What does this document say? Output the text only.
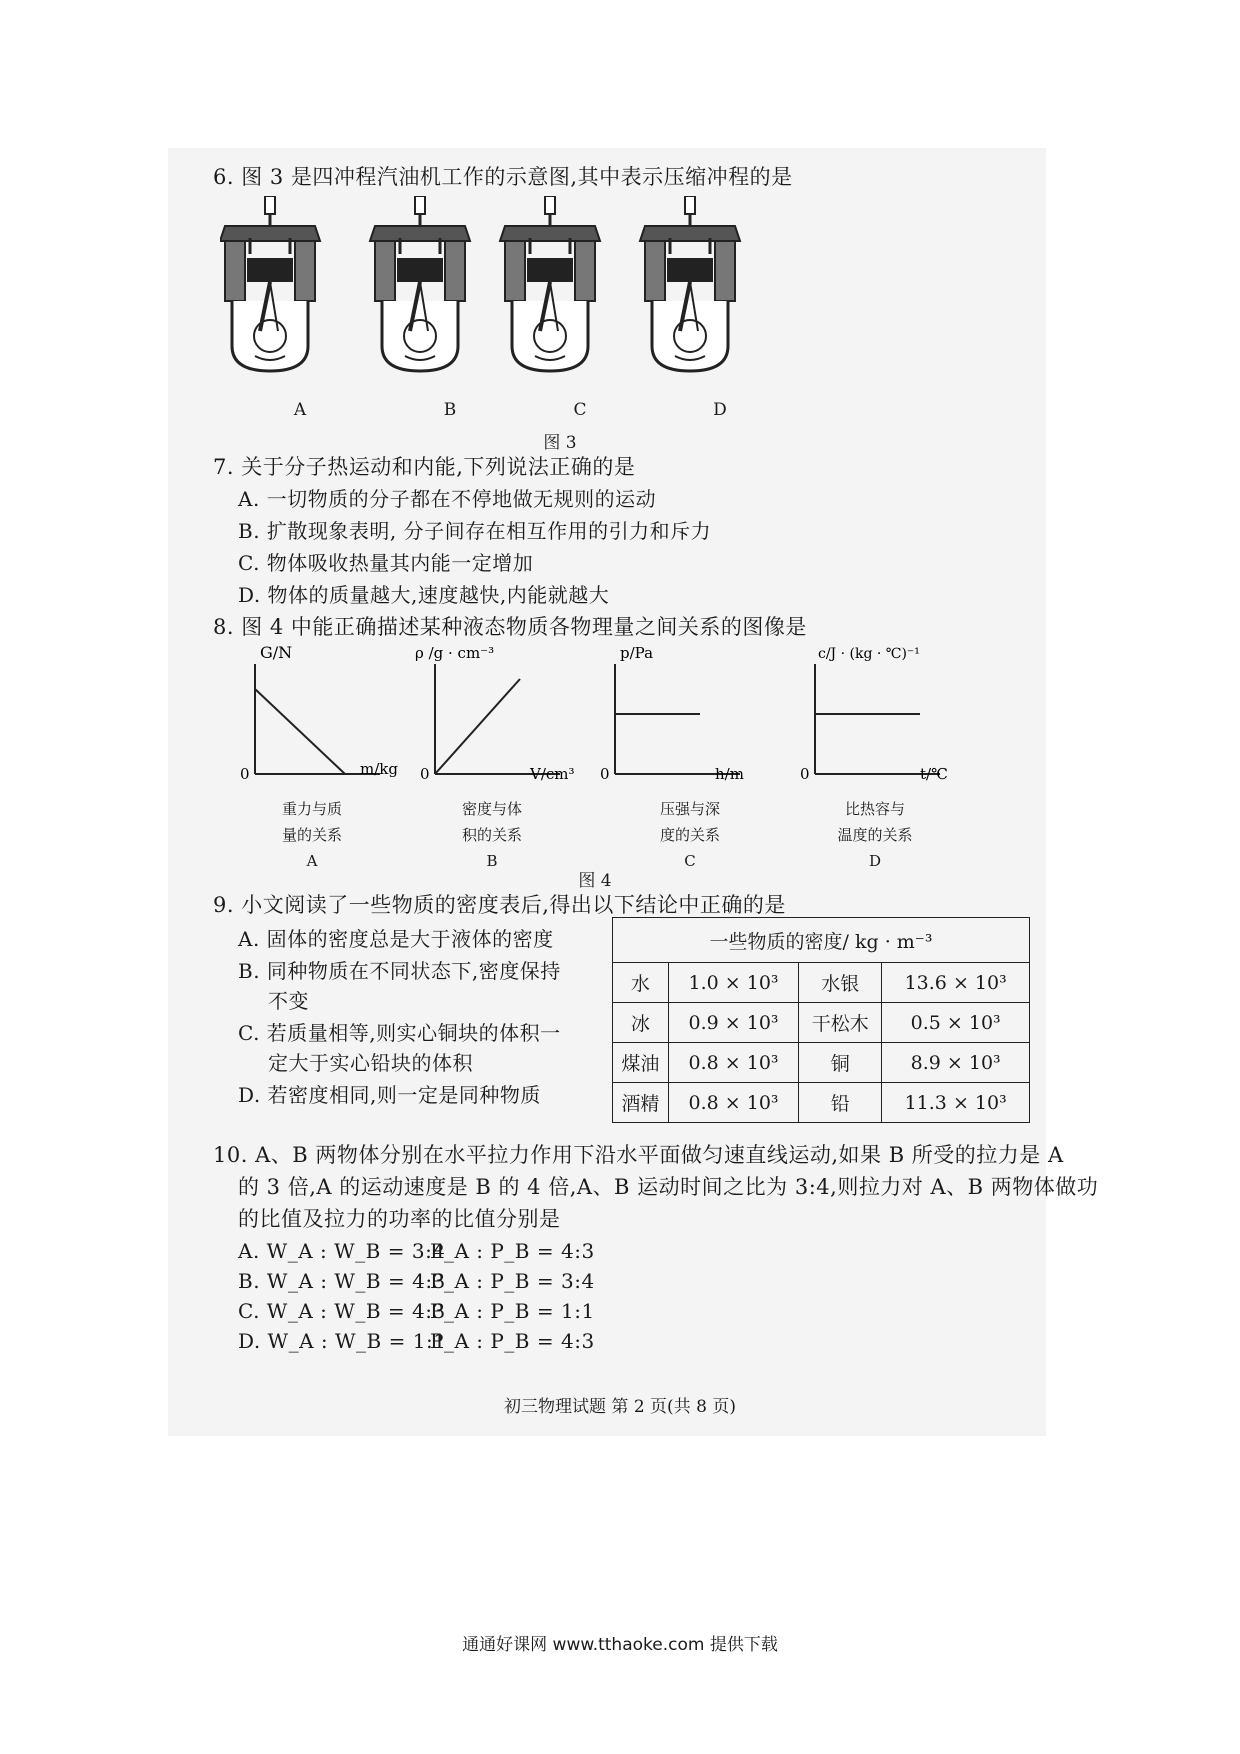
6. 图 3 是四冲程汽油机工作的示意图,其中表示压缩冲程的是
A	B	C	D
图 3
7. 关于分子热运动和内能,下列说法正确的是
A. 一切物质的分子都在不停地做无规则的运动
B. 扩散现象表明, 分子间存在相互作用的引力和斥力
C. 物体吸收热量其内能一定增加
D. 物体的质量越大,速度越快,内能就越大
8. 图 4 中能正确描述某种液态物质各物理量之间关系的图像是
G/N
0	m/kg
ρ /g · cm⁻³
0	V/cm³
p/Pa
0	h/m
c/J · (kg · ℃)⁻¹
0	t/℃
重力与质
量的关系
A
密度与体
积的关系
B
压强与深
度的关系
C
比热容与
温度的关系
D
图 4
9. 小文阅读了一些物质的密度表后,得出以下结论中正确的是
A. 固体的密度总是大于液体的密度
B. 同种物质在不同状态下,密度保持
不变
C. 若质量相等,则实心铜块的体积一
定大于实心铅块的体积
D. 若密度相同,则一定是同种物质
一些物质的密度/ kg · m⁻³			
水	1.0 × 10³	水银	13.6 × 10³
冰	0.9 × 10³	干松木	0.5 × 10³
煤油	0.8 × 10³	铜	8.9 × 10³
酒精	0.8 × 10³	铅	11.3 × 10³
10. A、B 两物体分别在水平拉力作用下沿水平面做匀速直线运动,如果 B 所受的拉力是 A
的 3 倍,A 的运动速度是 B 的 4 倍,A、B 运动时间之比为 3:4,则拉力对 A、B 两物体做功
的比值及拉力的功率的比值分别是
A. W_A : W_B = 3:4
P_A : P_B = 4:3
B. W_A : W_B = 4:3
P_A : P_B = 3:4
C. W_A : W_B = 4:3
P_A : P_B = 1:1
D. W_A : W_B = 1:1
P_A : P_B = 4:3
初三物理试题 第 2 页(共 8 页)
通通好课网 www.tthaoke.com 提供下载
